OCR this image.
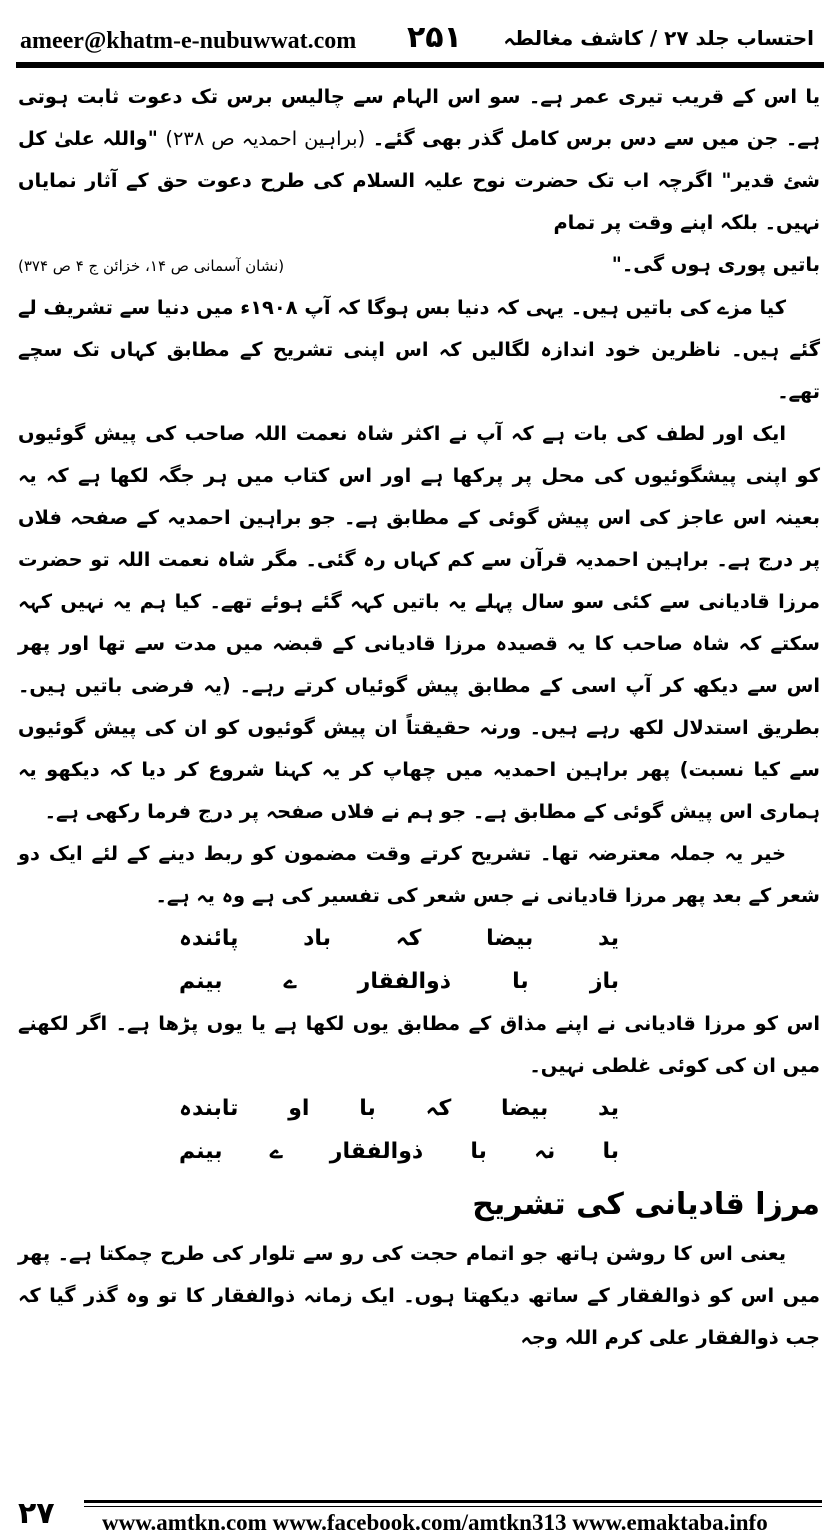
ameer@khatm-e-nubuwwat.com ۲۵۱ احتساب جلد ۲۷ / کاشف مغالطہ

یا اس کے قریب تیری عمر ہے۔ سو اس الہام سے چالیس برس تک دعوت ثابت ہوتی ہے۔ جن میں سے دس برس کامل گذر بھی گئے۔ (براہین احمدیہ ص ۲۳۸) "واللہ علیٰ کل شئ قدیر" اگرچہ اب تک حضرت نوح علیہ السلام کی طرح دعوت حق کے آثار نمایاں نہیں۔ بلکہ اپنے وقت پر تمام

باتیں پوری ہوں گی۔"
(نشان آسمانی ص ۱۴، خزائن ج ۴ ص ۳۷۴)

کیا مزے کی باتیں ہیں۔ یہی کہ دنیا بس ہوگا کہ آپ ۱۹۰۸ء میں دنیا سے تشریف لے گئے ہیں۔ ناظرین خود اندازہ لگالیں کہ اس اپنی تشریح کے مطابق کہاں تک سچے تھے۔

ایک اور لطف کی بات ہے کہ آپ نے اکثر شاہ نعمت اللہ صاحب کی پیش گوئیوں کو اپنی پیشگوئیوں کی محل پر پرکھا ہے اور اس کتاب میں ہر جگہ لکھا ہے کہ یہ بعینہ اس عاجز کی اس پیش گوئی کے مطابق ہے۔ جو براہین احمدیہ کے صفحہ فلاں پر درج ہے۔ براہین احمدیہ قرآن سے کم کہاں رہ گئی۔ مگر شاہ نعمت اللہ تو حضرت مرزا قادیانی سے کئی سو سال پہلے یہ باتیں کہہ گئے ہوئے تھے۔ کیا ہم یہ نہیں کہہ سکتے کہ شاہ صاحب کا یہ قصیدہ مرزا قادیانی کے قبضہ میں مدت سے تھا اور پھر اس سے دیکھ کر آپ اسی کے مطابق پیش گوئیاں کرتے رہے۔ (یہ فرضی باتیں ہیں۔ بطریق استدلال لکھ رہے ہیں۔ ورنہ حقیقتاً ان پیش گوئیوں کو ان کی پیش گوئیوں سے کیا نسبت) پھر براہین احمدیہ میں چھاپ کر یہ کہنا شروع کر دیا کہ دیکھو یہ ہماری اس پیش گوئی کے مطابق ہے۔ جو ہم نے فلاں صفحہ پر درج فرما رکھی ہے۔

خیر یہ جملہ معترضہ تھا۔ تشریح کرتے وقت مضمون کو ربط دینے کے لئے ایک دو شعر کے بعد پھر مرزا قادیانی نے جس شعر کی تفسیر کی ہے وہ یہ ہے۔

ید
بیضا
کہ
باد
پائندہ
باز
با
ذوالفقار
ے
بینم

اس کو مرزا قادیانی نے اپنے مذاق کے مطابق یوں لکھا ہے یا یوں پڑھا ہے۔ اگر لکھنے میں ان کی کوئی غلطی نہیں۔

ید
بیضا
کہ
با
او
تابندہ
با
نہ
با
ذوالفقار
ے
بینم
مرزا قادیانی کی تشریح

یعنی اس کا روشن ہاتھ جو اتمام حجت کی رو سے تلوار کی طرح چمکتا ہے۔ پھر میں اس کو ذوالفقار کے ساتھ دیکھتا ہوں۔ ایک زمانہ ذوالفقار کا تو وہ گذر گیا کہ جب ذوالفقار علی کرم اللہ وجہ

۲۷ www.amtkn.com www.facebook.com/amtkn313 www.emaktaba.info
